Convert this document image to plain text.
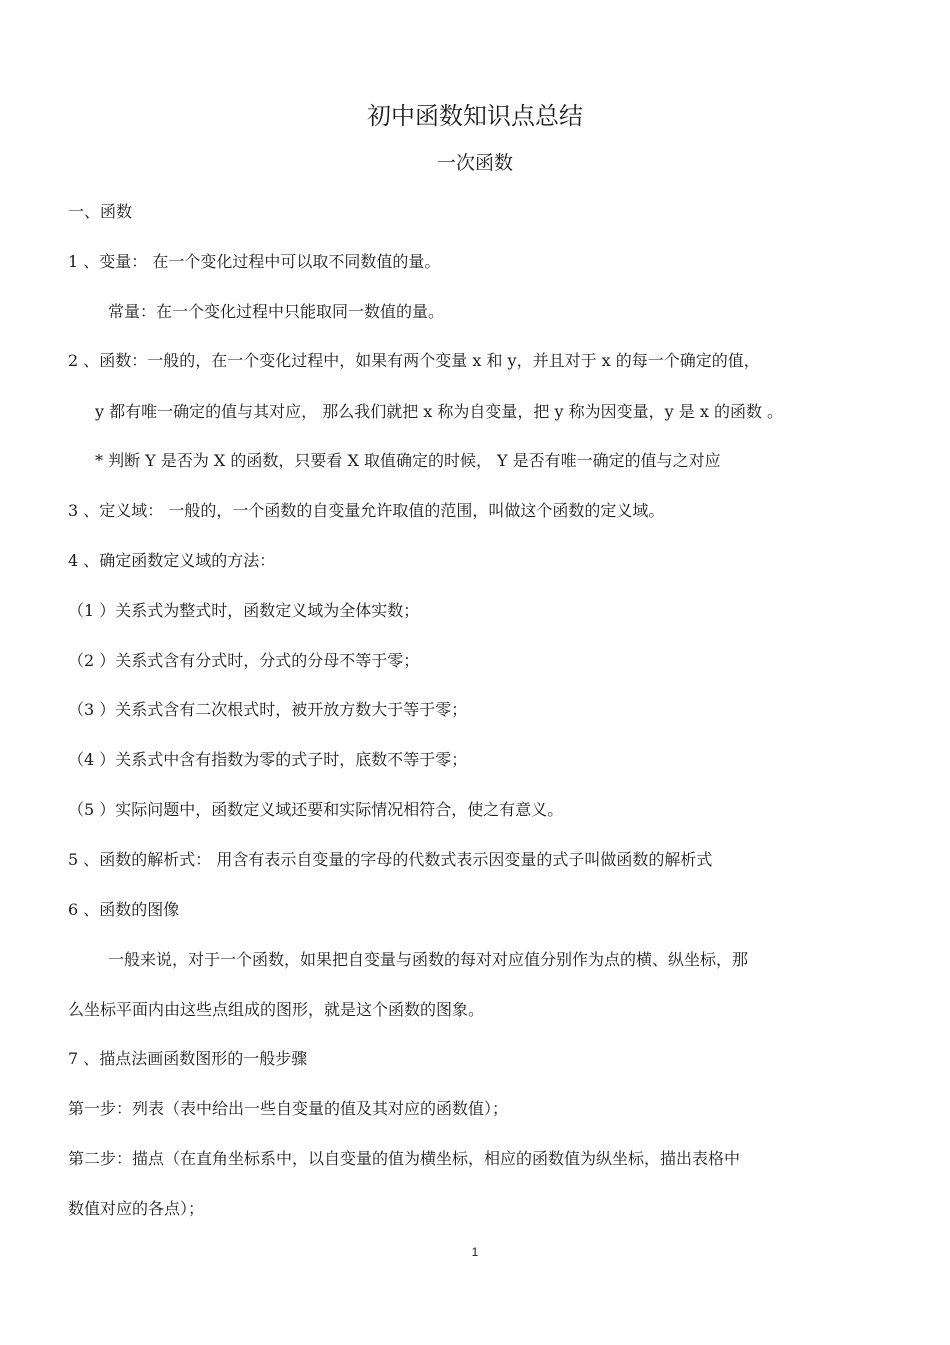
初中函数知识点总结
一次函数
一、函数
1 、变量： 在一个变化过程中可以取不同数值的量。
常量：在一个变化过程中只能取同一数值的量。
2 、函数：一般的，在一个变化过程中，如果有两个变量 x 和 y，并且对于 x 的每一个确定的值，
y 都有唯一确定的值与其对应， 那么我们就把 x 称为自变量，把 y 称为因变量，y 是 x 的函数 。
* 判断 Y 是否为 X 的函数，只要看 X 取值确定的时候， Y 是否有唯一确定的值与之对应
3 、定义域： 一般的，一个函数的自变量允许取值的范围，叫做这个函数的定义域。
4 、确定函数定义域的方法：
（1 ）关系式为整式时，函数定义域为全体实数；
（2 ）关系式含有分式时，分式的分母不等于零；
（3 ）关系式含有二次根式时，被开放方数大于等于零；
（4 ）关系式中含有指数为零的式子时，底数不等于零；
（5 ）实际问题中，函数定义域还要和实际情况相符合，使之有意义。
5 、函数的解析式： 用含有表示自变量的字母的代数式表示因变量的式子叫做函数的解析式
6 、函数的图像
一般来说，对于一个函数，如果把自变量与函数的每对对应值分别作为点的横、纵坐标，那
么坐标平面内由这些点组成的图形，就是这个函数的图象。
7 、描点法画函数图形的一般步骤
第一步：列表（表中给出一些自变量的值及其对应的函数值）；
第二步：描点（在直角坐标系中，以自变量的值为横坐标，相应的函数值为纵坐标，描出表格中
数值对应的各点）；
1
